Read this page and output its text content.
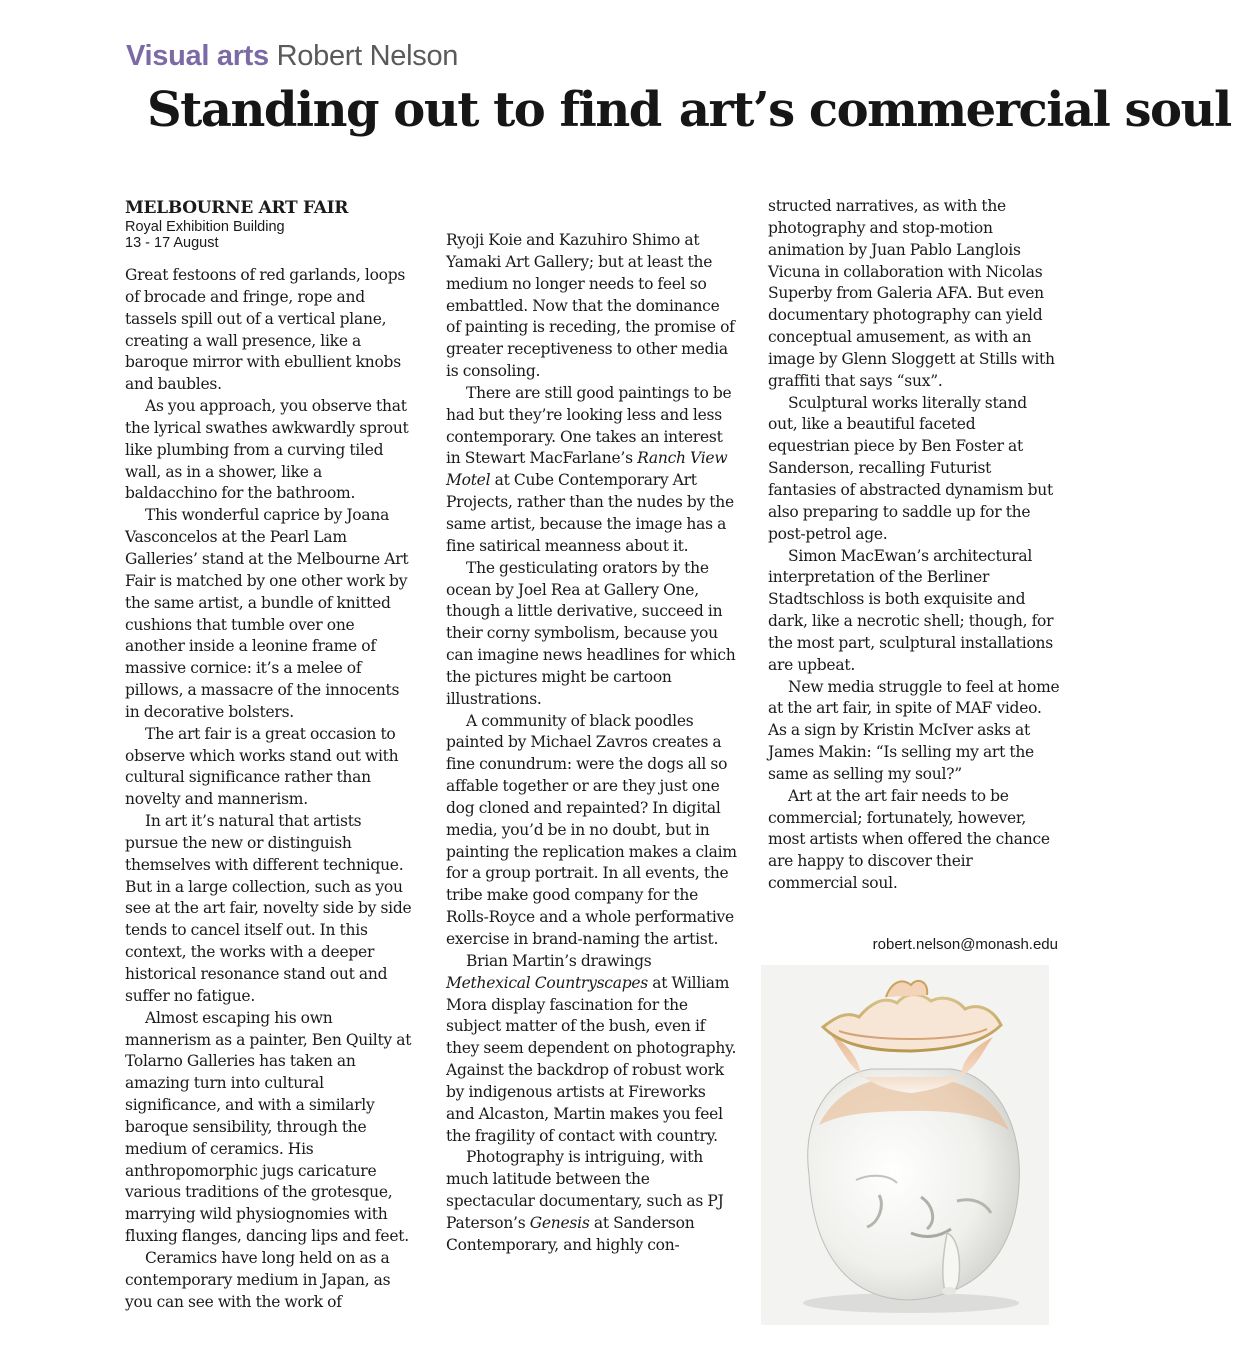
Visual arts Robert Nelson
Standing out to find art’s commercial soul
MELBOURNE ART FAIR
Royal Exhibition Building
13 - 17 August

Great festoons of red garlands, loops of brocade and fringe, rope and tassels spill out of a vertical plane, creating a wall presence, like a baroque mirror with ebullient knobs and baubles.

As you approach, you observe that the lyrical swathes awkwardly sprout like plumbing from a curving tiled wall, as in a shower, like a baldacchino for the bathroom.

This wonderful caprice by Joana Vasconcelos at the Pearl Lam Galleries’ stand at the Melbourne Art Fair is matched by one other work by the same artist, a bundle of knitted cushions that tumble over one another inside a leonine frame of massive cornice: it’s a melee of pillows, a massacre of the innocents in decorative bolsters.

The art fair is a great occasion to observe which works stand out with cultural significance rather than novelty and mannerism.

In art it’s natural that artists pursue the new or distinguish themselves with different technique. But in a large collection, such as you see at the art fair, novelty side by side tends to cancel itself out. In this context, the works with a deeper historical resonance stand out and suffer no fatigue.

Almost escaping his own mannerism as a painter, Ben Quilty at Tolarno Galleries has taken an amazing turn into cultural significance, and with a similarly baroque sensibility, through the medium of ceramics. His anthropomorphic jugs caricature various traditions of the grotesque, marrying wild physiognomies with fluxing flanges, dancing lips and feet.

Ceramics have long held on as a contemporary medium in Japan, as you can see with the work of

Ryoji Koie and Kazuhiro Shimo at Yamaki Art Gallery; but at least the medium no longer needs to feel so embattled. Now that the dominance of painting is receding, the promise of greater receptiveness to other media is consoling.

There are still good paintings to be had but they’re looking less and less contemporary. One takes an interest in Stewart MacFarlane’s Ranch View Motel at Cube Contemporary Art Projects, rather than the nudes by the same artist, because the image has a fine satirical meanness about it.

The gesticulating orators by the ocean by Joel Rea at Gallery One, though a little derivative, succeed in their corny symbolism, because you can imagine news headlines for which the pictures might be cartoon illustrations.

A community of black poodles painted by Michael Zavros creates a fine conundrum: were the dogs all so affable together or are they just one dog cloned and repainted? In digital media, you’d be in no doubt, but in painting the replication makes a claim for a group portrait. In all events, the tribe make good company for the Rolls-Royce and a whole performative exercise in brand-naming the artist.

Brian Martin’s drawings Methexical Countryscapes at William Mora display fascination for the subject matter of the bush, even if they seem dependent on photography. Against the backdrop of robust work by indigenous artists at Fireworks and Alcaston, Martin makes you feel the fragility of contact with country.

Photography is intriguing, with much latitude between the spectacular documentary, such as PJ Paterson’s Genesis at Sanderson Contemporary, and highly con-

structed narratives, as with the photography and stop-motion animation by Juan Pablo Langlois Vicuna in collaboration with Nicolas Superby from Galeria AFA. But even documentary photography can yield conceptual amusement, as with an image by Glenn Sloggett at Stills with graffiti that says “sux”.

Sculptural works literally stand out, like a beautiful faceted equestrian piece by Ben Foster at Sanderson, recalling Futurist fantasies of abstracted dynamism but also preparing to saddle up for the post-petrol age.

Simon MacEwan’s architectural interpretation of the Berliner Stadtschloss is both exquisite and dark, like a necrotic shell; though, for the most part, sculptural installations are upbeat.

New media struggle to feel at home at the art fair, in spite of MAF video. As a sign by Kristin McIver asks at James Makin: “Is selling my art the same as selling my soul?”

Art at the art fair needs to be commercial; fortunately, however, most artists when offered the chance are happy to discover their commercial soul.

robert.nelson@monash.edu
